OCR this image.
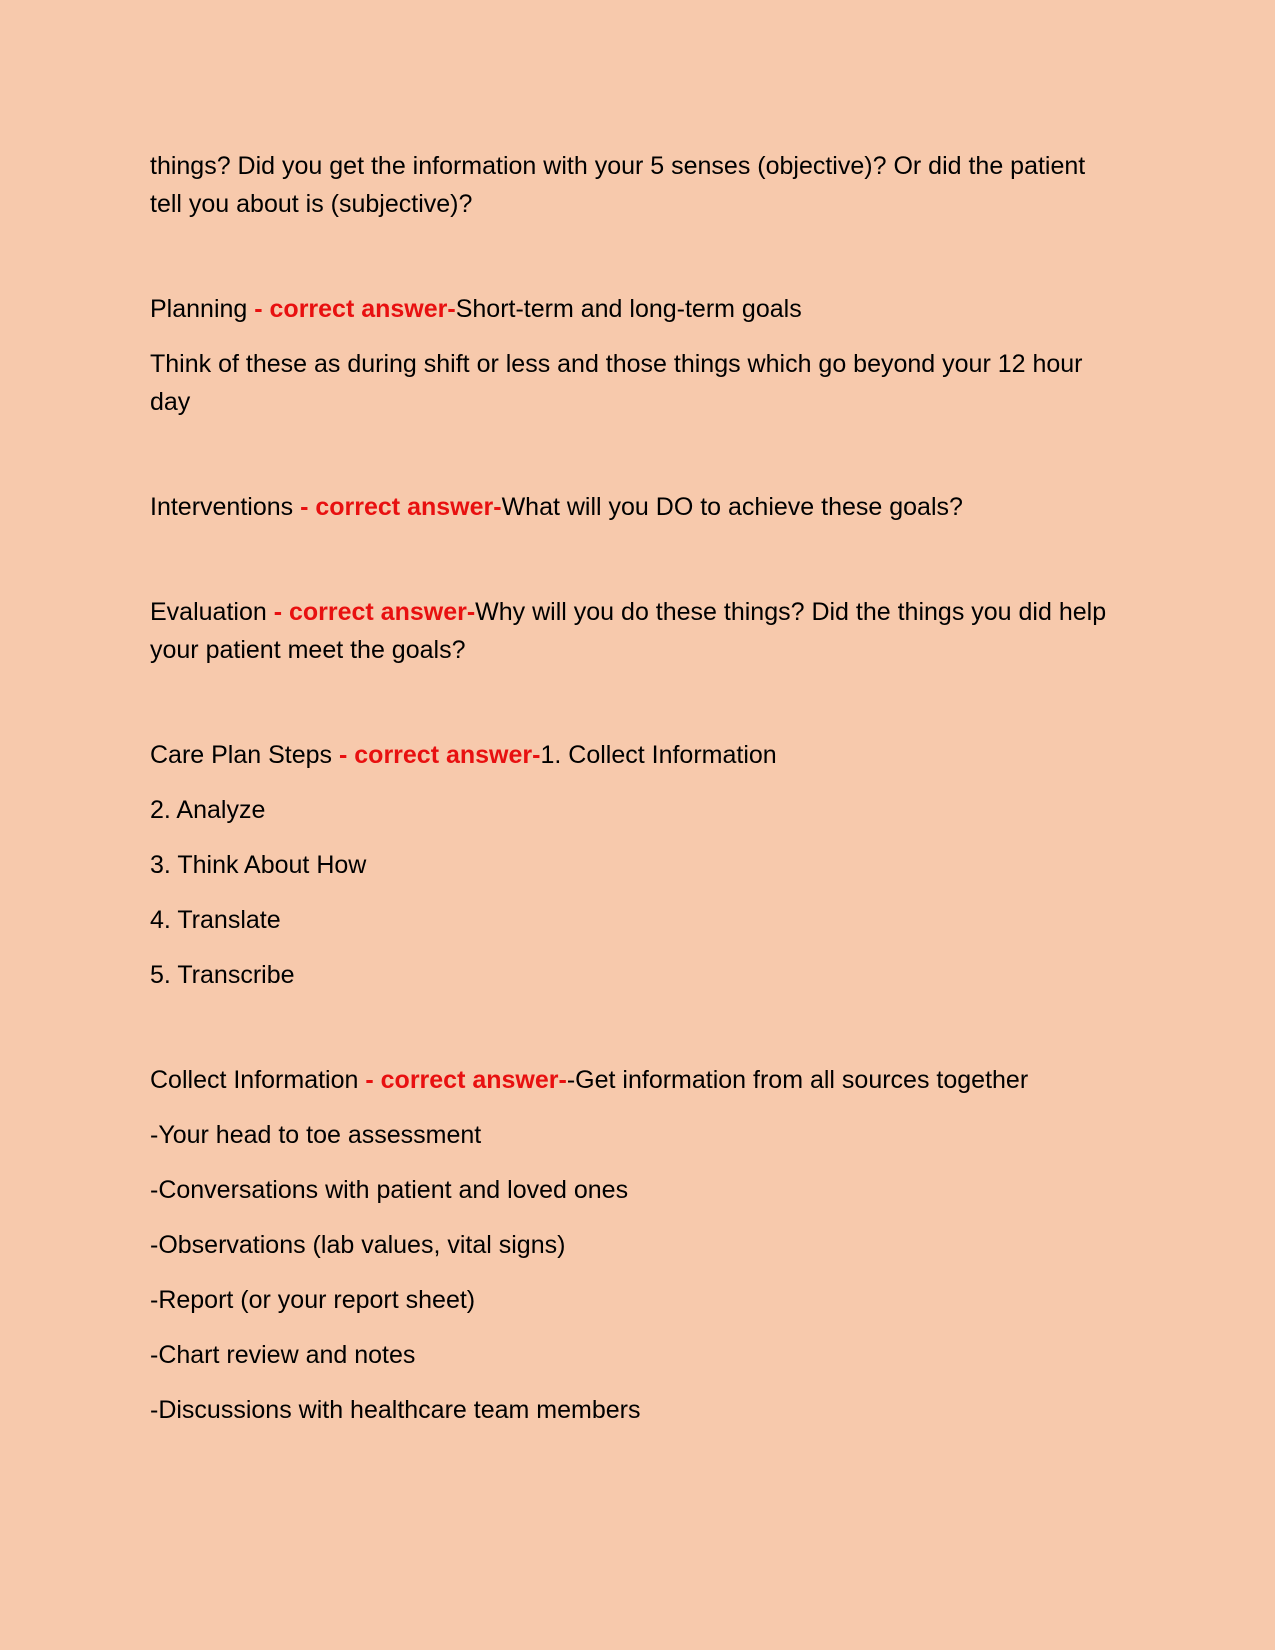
things? Did you get the information with your 5 senses (objective)? Or did the patient tell you about is (subjective)?

Planning - correct answer-Short-term and long-term goals

Think of these as during shift or less and those things which go beyond your 12 hour day

Interventions - correct answer-What will you DO to achieve these goals?

Evaluation - correct answer-Why will you do these things? Did the things you did help your patient meet the goals?

Care Plan Steps - correct answer-1. Collect Information

2. Analyze

3. Think About How

4. Translate

5. Transcribe

Collect Information - correct answer--Get information from all sources together

-Your head to toe assessment

-Conversations with patient and loved ones

-Observations (lab values, vital signs)

-Report (or your report sheet)

-Chart review and notes

-Discussions with healthcare team members
